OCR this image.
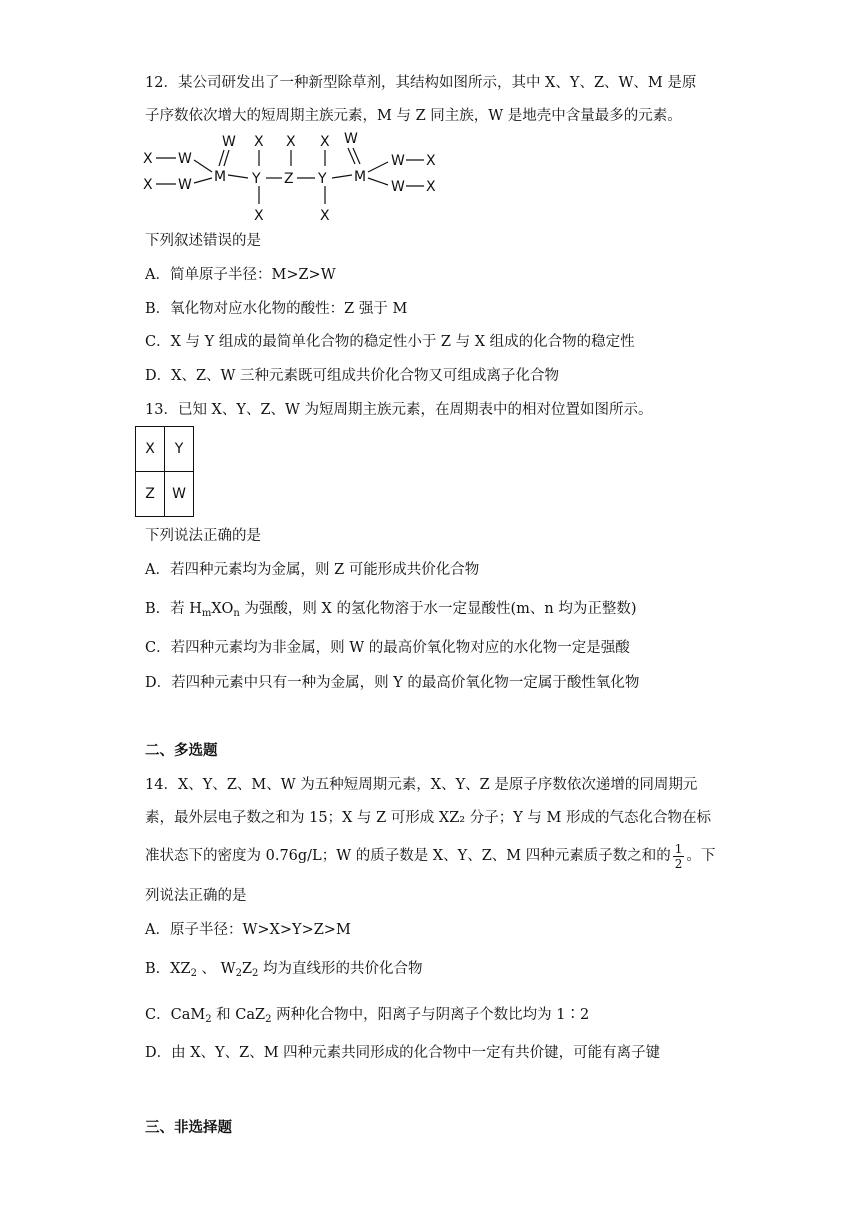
12．某公司研发出了一种新型除草剂，其结构如图所示，其中 X、Y、Z、W、M 是原
子序数依次增大的短周期主族元素，M 与 Z 同主族，W 是地壳中含量最多的元素。
X W
X W M
W
Y
X
X
Z
X
Y
X
X
M
W
W X
W X
下列叙述错误的是
A．简单原子半径：M>Z>W
B．氧化物对应水化物的酸性：Z 强于 M
C．X 与 Y 组成的最简单化合物的稳定性小于 Z 与 X 组成的化合物的稳定性
D．X、Z、W 三种元素既可组成共价化合物又可组成离子化合物
13．已知 X、Y、Z、W 为短周期主族元素，在周期表中的相对位置如图所示。
X	Y
Z	W
下列说法正确的是
A．若四种元素均为金属，则 Z 可能形成共价化合物
B．若 $H_mXO_n$ 为强酸，则 X 的氢化物溶于水一定显酸性(m、n 均为正整数)
C．若四种元素均为非金属，则 W 的最高价氧化物对应的水化物一定是强酸
D．若四种元素中只有一种为金属，则 Y 的最高价氧化物一定属于酸性氧化物
二、多选题
14．X、Y、Z、M、W 为五种短周期元素，X、Y、Z 是原子序数依次递增的同周期元
素，最外层电子数之和为 15；X 与 Z 可形成 XZ₂ 分子；Y 与 M 形成的气态化合物在标
准状态下的密度为 0.76g/L；W 的质子数是 X、Y、Z、M 四种元素质子数之和的 $\frac{1}{2}$ 。下
列说法正确的是
A．原子半径：W>X>Y>Z>M
B．$XZ_2$ 、 $W_2Z_2$ 均为直线形的共价化合物
C．CaM$_2$ 和 CaZ$_2$ 两种化合物中，阳离子与阴离子个数比均为 1∶2
D．由 X、Y、Z、M 四种元素共同形成的化合物中一定有共价键，可能有离子键
三、非选择题
